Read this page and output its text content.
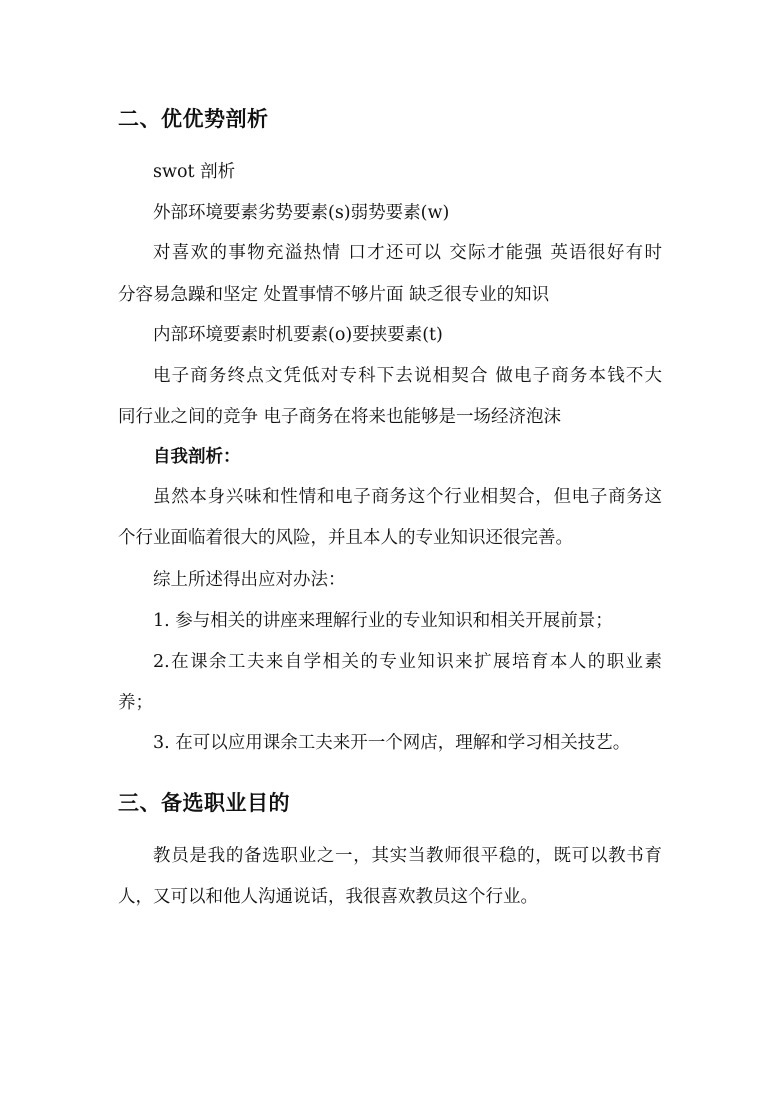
二、优优势剖析

swot 剖析

外部环境要素劣势要素(s)弱势要素(w)

对喜欢的事物充溢热情 口才还可以 交际才能强 英语很好有时

分容易急躁和坚定 处置事情不够片面 缺乏很专业的知识

内部环境要素时机要素(o)要挟要素(t)

电子商务终点文凭低对专科下去说相契合 做电子商务本钱不大

同行业之间的竞争 电子商务在将来也能够是一场经济泡沫

自我剖析：

虽然本身兴味和性情和电子商务这个行业相契合，但电子商务这

个行业面临着很大的风险，并且本人的专业知识还很完善。

综上所述得出应对办法：

1. 参与相关的讲座来理解行业的专业知识和相关开展前景；

2.在课余工夫来自学相关的专业知识来扩展培育本人的职业素

养；

3. 在可以应用课余工夫来开一个网店，理解和学习相关技艺。

三、备选职业目的

教员是我的备选职业之一，其实当教师很平稳的，既可以教书育

人，又可以和他人沟通说话，我很喜欢教员这个行业。
